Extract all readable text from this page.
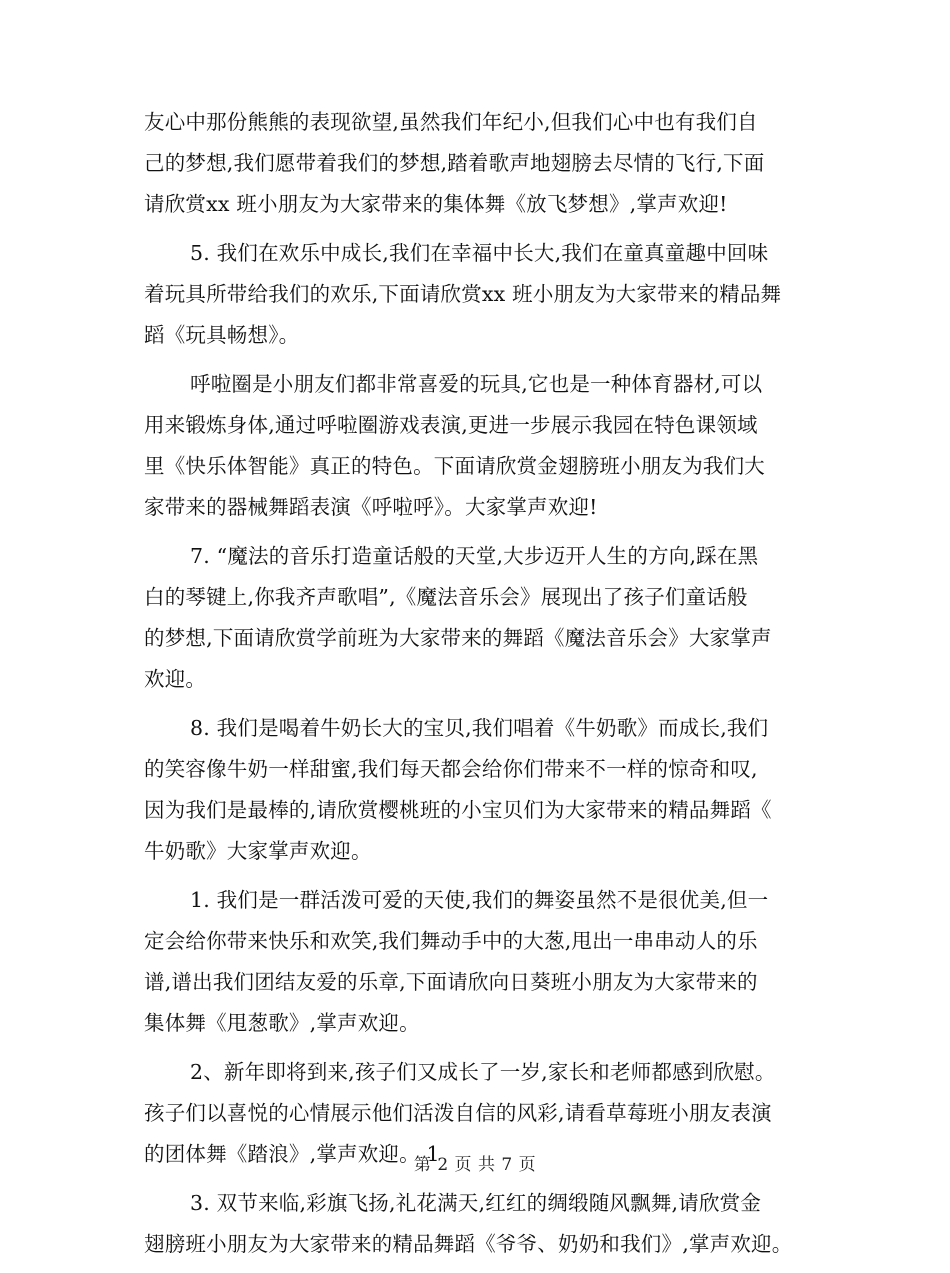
友心中那份熊熊的表现欲望,虽然我们年纪小,但我们心中也有我们自
己的梦想,我们愿带着我们的梦想,踏着歌声地翅膀去尽情的飞行,下面
请欣赏xx 班小朋友为大家带来的集体舞《放飞梦想》,掌声欢迎!
5. 我们在欢乐中成长,我们在幸福中长大,我们在童真童趣中回味
着玩具所带给我们的欢乐,下面请欣赏xx 班小朋友为大家带来的精品舞
蹈《玩具畅想》。
呼啦圈是小朋友们都非常喜爱的玩具,它也是一种体育器材,可以
用来锻炼身体,通过呼啦圈游戏表演,更进一步展示我园在特色课领域
里《快乐体智能》真正的特色。下面请欣赏金翅膀班小朋友为我们大
家带来的器械舞蹈表演《呼啦呼》。大家掌声欢迎!
7. “魔法的音乐打造童话般的天堂,大步迈开人生的方向,踩在黑
白的琴键上,你我齐声歌唱”,《魔法音乐会》展现出了孩子们童话般
的梦想,下面请欣赏学前班为大家带来的舞蹈《魔法音乐会》大家掌声
欢迎。
8. 我们是喝着牛奶长大的宝贝,我们唱着《牛奶歌》而成长,我们
的笑容像牛奶一样甜蜜,我们每天都会给你们带来不一样的惊奇和叹,
因为我们是最棒的,请欣赏樱桃班的小宝贝们为大家带来的精品舞蹈《
牛奶歌》大家掌声欢迎。
1. 我们是一群活泼可爱的天使,我们的舞姿虽然不是很优美,但一
定会给你带来快乐和欢笑,我们舞动手中的大葱,甩出一串串动人的乐
谱,谱出我们团结友爱的乐章,下面请欣向日葵班小朋友为大家带来的
集体舞《甩葱歌》,掌声欢迎。
2、新年即将到来,孩子们又成长了一岁,家长和老师都感到欣慰。
孩子们以喜悦的心情展示他们活泼自信的风彩,请看草莓班小朋友表演
的团体舞《踏浪》,掌声欢迎。 1
3. 双节来临,彩旗飞扬,礼花满天,红红的绸缎随风飘舞,请欣赏金
翅膀班小朋友为大家带来的精品舞蹈《爷爷、奶奶和我们》,掌声欢迎。
第 2 页 共 7 页
